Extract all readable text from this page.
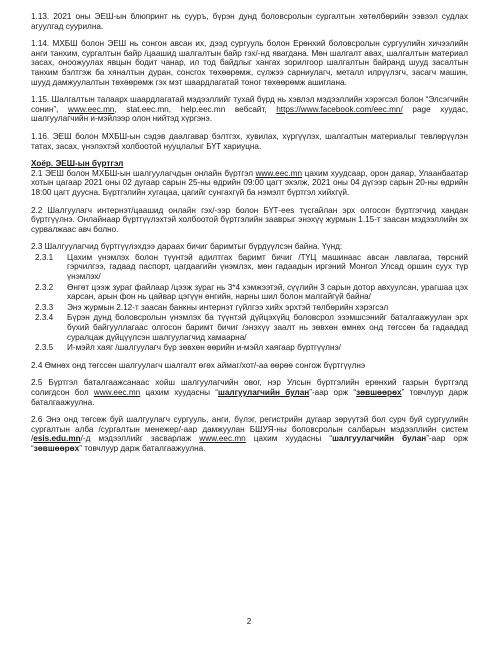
1.13. 2021 оны ЭЕШ-ын блюпринт нь сууръ, бүрэн дунд боловсролын сургалтын хөтөлбөрийн ээвээл судлах агуулгад суурилна.

1.14. МХБШ болон ЭЕШ нь сонгон авсан их, дээд сургууль болон Ерөнхий боловсролын сургуулийн хичээлийн анги танхим, сургалтын байр /цаашид шалгалтын байр гэх/-нд явагдана. Мөн шалгалт авах, шалгалтын материал засах, оноожуулах явцын бодит чанар, ил тод байдлыг хангах зорилгоор шалгалтын байранд шууд засалтын танхим бэлтгэж ба хяналтын дуран, сонсгох төхөөрөмж, сүлжээ сарниулагч, металл илрүүлэгч, засагч машин, шууд дамжуулалтын төхөөрөмж гэх мэт шаардлагатай тоног төхөөрөмж ашиглана.

1.15. Шалгалтын талаарх шаардлагатай мэдээллийг тухай бүрд нь хэвлэл мэдээллийн хэрэгсэл болон “Элсэгчийн сонин”, www.eec.mn, stat.eec.mn, help.eec.mn вебсайт, https://www.facebook.com/eec.mn/ page хуудас, шалгуулагчийн и-мэйлээр олон нийтэд хүргэнэ.

1.16. ЭЕШ болон МХБШ-ын сэдэв даалгавар бэлтгэх, хувилах, хүргүүлэх, шалгалтын материалыг тевлөрүүлэн татах, засах, үнэлэхтэй холбоотой нууцлалыг БҮТ хариуцна.

Хоёр. ЭЕШ-ын бүртгэл

2.1 ЭЕШ болон МХБШ-ын шалгуулагчдын онлайн бүртгэл www.eec.mn цахим хуудсаар, орон даяар, Улаанбаатар хотын цагаар 2021 оны 02 дугаар сарын 25-ны өдрийн 09:00 цагт эхэлж, 2021 оны 04 дүгээр сарын 20-ны өдрийн 18:00 цагт дуусна. Бүртгэлийн хугацаа, цагийг сунгахгүй ба нэмэлт бүртгэл хийхгүй.

2.2 Шалгуулагч интернэт/цаашид онлайн гэх/-ээр болон БҮТ-ees түсгайлан эрх олгосон бүртгэгчид хандан бүртгүүлнэ. Онлайнаар бүртгүүлэхтэй холбоотой бүртгэлийн зааврыг энэхүү журмын 1.15-т заасан мэдээллийн эх сурвалжаас авч болно.

2.3 Шалгуулагчид бүртгүүлэхдээ дараах бичиг баримтыг бүрдүүлсэн байна. Үүнд:

2.3.1	Цахим үнэмлэх болон түүнтэй адилтгах баримт бичиг /ТҮЦ машинаас авсан лавлагаа, төрсний гэрчилгээ, гадаад паспорт, цагдаагийн үнэмлэх, мөн гадаадын иргэний Монгол Улсад оршин суух түр үнэмлэх/
2.3.2	Өнгөт цээж зураг файлаар /цээж зураг нь 3*4 хэмжээтэй, сүүлийн 3 сарын дотор авхуулсан, урагшаа цэх харсан, арын фон нь цайвар цэгүүн өнгийн, нарны шил болон малгайгүй байна/
2.3.3	Энэ журмын 2.12-т заасан банкны интернэт гүйлгээ хийх эрхтэй төлбөрийн хэрэгсэл
2.3.4	Бүрэн дунд боловсролын үнэмлэх ба түүнтэй дүйцэхүйц боловсрол эзэмшсэнийг баталгаажуулан эрх бүхий байгууллагаас олгосон баримт бичиг /энэхүү заалт нь зөвхөн өмнөх онд төгссөн ба гадаадад суралцаж дүйцүүлсэн шалгуулагчид хамаарна/
2.3.5	И-мэйл хаяг /шалгуулагч бүр зөвхөн өөрийн и-мэйл хаягаар бүртгүүлнэ/

2.4 Өмнөх онд төгссөн шалгуулагч шалгалт өгөх аймаг/хот/-аа өөрөө сонгож бүртгүүлнэ

2.5 Бүртгэл баталгаажсанаас хойш шалгуулагчийн овог, нэр Улсын бүртгэлийн ерөнхий газрын бүртгэлд солигдсон бол www.eec.mn цахим хуудасны “шалгуулагчийн булан”-аар орж “зөвшөөрөх” товчлуур дарж баталгаажуулна.

2.6 Энэ онд төгсөж буй шалгуулагч сургууль, анги, бүлэг, регистрийн дугаар зөрүүтэй бол сурч буй сургуулийн сургалтын алба /сургалтын менежер/-аар дамжуулан БШУЯ-ны боловсролын салбарын мэдээллийн систем /esis.edu.mn/-д мэдээллийг засварлаж www.eec.mn цахим хуудасны “шалгуулагчийн булан”-аар орж “зөвшөөрөх” товчлуур дарж баталгаажуулна.

2
